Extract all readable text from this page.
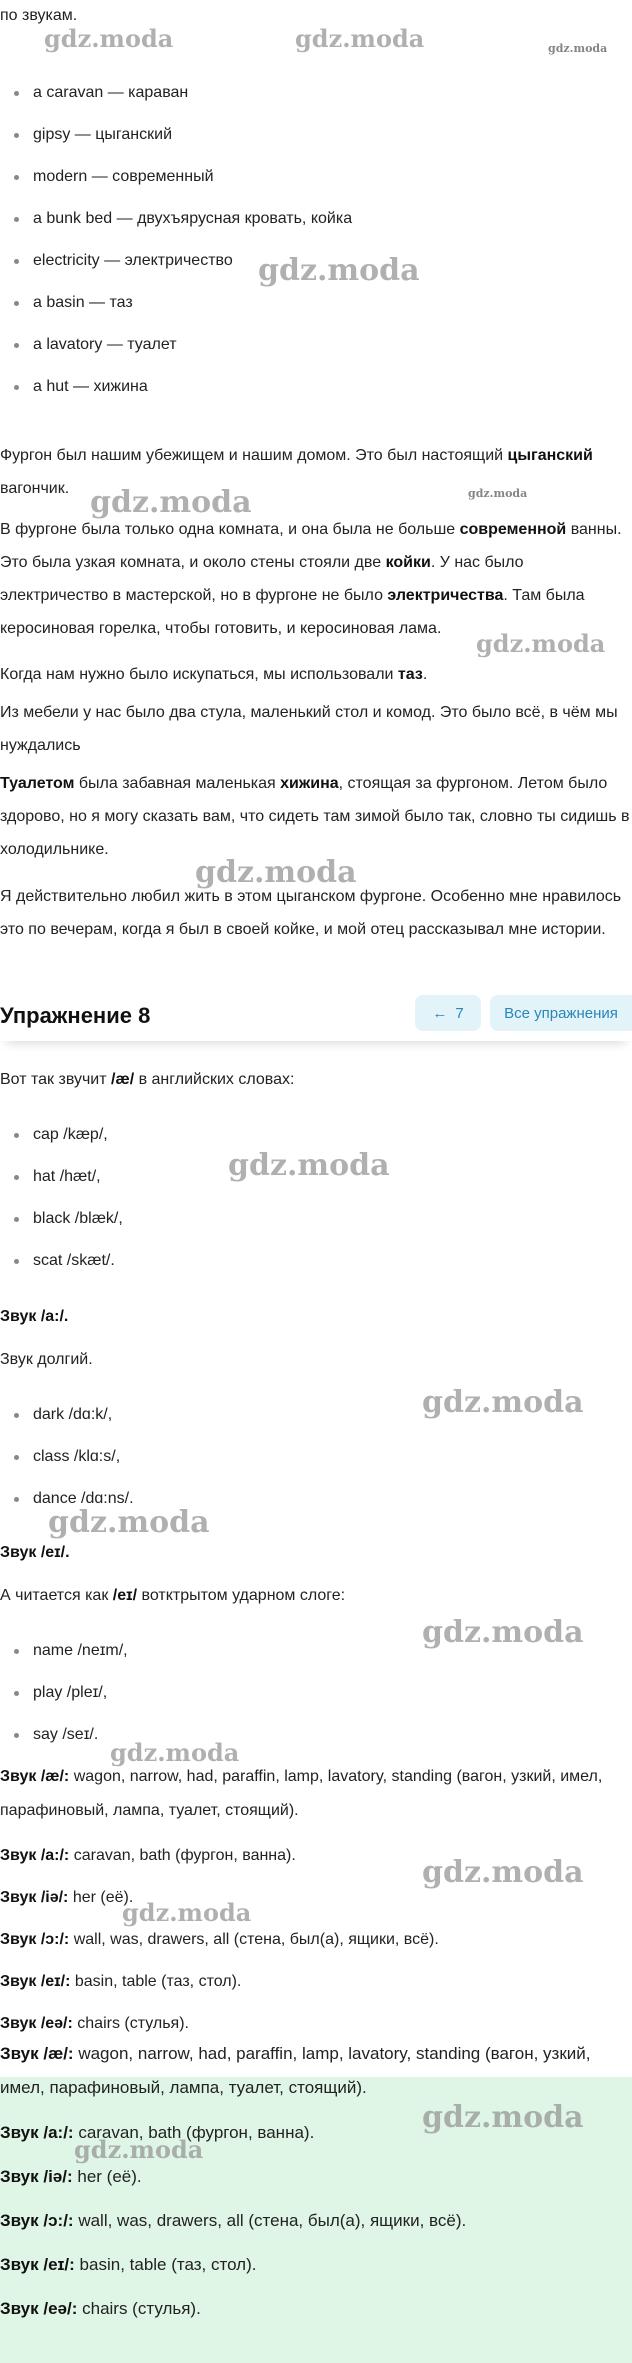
по звукам.
a caravan — караван
gipsy — цыганский
modern — современный
a bunk bed — двухъярусная кровать, койка
electricity — электричество
a basin — таз
a lavatory — туалет
a hut — хижина

Фургон был нашим убежищем и нашим домом. Это был настоящий цыганский вагончик.

В фургоне была только одна комната, и она была не больше современной ванны. Это была узкая комната, и около стены стояли две койки. У нас было электричество в мастерской, но в фургоне не было электричества. Там была керосиновая горелка, чтобы готовить, и керосиновая лама.

Когда нам нужно было искупаться, мы использовали таз.

Из мебели у нас было два стула, маленький стол и комод. Это было всё, в чём мы нуждались

Туалетом была забавная маленькая хижина, стоящая за фургоном. Летом было здорово, но я могу сказать вам, что сидеть там зимой было так, словно ты сидишь в холодильнике.

Я действительно любил жить в этом цыганском фургоне. Особенно мне нравилось это по вечерам, когда я был в своей койке, и мой отец рассказывал мне истории.

Упражнение 8	← 7	Все упражнения

Вот так звучит /æ/ в английских словах:

cap /kæp/,
hat /hæt/,
black /blæk/,
scat /skæt/.

Звук /a:/.

Звук долгий.

dark /dɑ:k/,
class /klɑ:s/,
dance /dɑ:ns/.

Звук /eɪ/.

А читается как /eɪ/ вотктрытом ударном слоге:

name /neɪm/,
play /pleɪ/,
say /seɪ/.

Звук /æ/: wagon, narrow, had, paraffin, lamp, lavatory, standing (вагон, узкий, имел, парафиновый, лампа, туалет, стоящий).

Звук /a:/: caravan, bath (фургон, ванна).

Звук /iə/: her (её).

Звук /ɔ:/: wall, was, drawers, all (стена, был(а), ящики, всё).

Звук /eɪ/: basin, table (таз, стол).

Звук /eə/: chairs (стулья).

Звук /æ/: wagon, narrow, had, paraffin, lamp, lavatory, standing (вагон, узкий, имел, парафиновый, лампа, туалет, стоящий).

Звук /a:/: caravan, bath (фургон, ванна).

Звук /iə/: her (её).

Звук /ɔ:/: wall, was, drawers, all (стена, был(а), ящики, всё).

Звук /eɪ/: basin, table (таз, стол).

Звук /eə/: chairs (стулья).

gdz.moda	gdz.moda	gdz.moda
gdz.moda
gdz.moda	gdz.moda
gdz.moda
gdz.moda
gdz.moda
gdz.moda
gdz.moda
gdz.moda
gdz.moda
gdz.moda
gdz.moda
gdz.moda
gdz.moda
